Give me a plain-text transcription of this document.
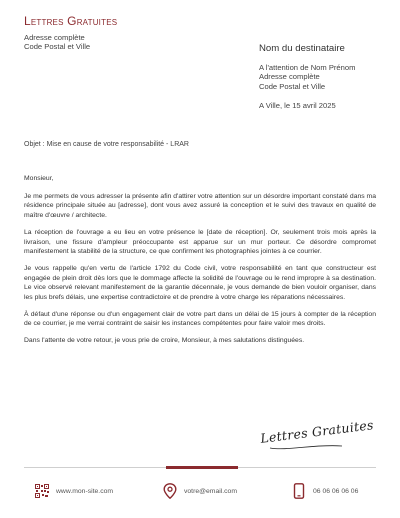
Lettres Gratuites
Adresse complète
Code Postal et Ville	Nom du destinataire
A l'attention de Nom Prénom
Adresse complète
Code Postal et Ville
A Ville, le 15 avril 2025
Objet : Mise en cause de votre responsabilité - LRAR

Monsieur,

Je me permets de vous adresser la présente afin d'attirer votre attention sur un désordre important constaté dans ma résidence principale située au [adresse], dont vous avez assuré la conception et le suivi des travaux en qualité de maître d'œuvre / architecte.

La réception de l'ouvrage a eu lieu en votre présence le [date de réception]. Or, seulement trois mois après la livraison, une fissure d'ampleur préoccupante est apparue sur un mur porteur. Ce désordre compromet manifestement la stabilité de la structure, ce que confirment les photographies jointes à ce courrier.

Je vous rappelle qu'en vertu de l'article 1792 du Code civil, votre responsabilité en tant que constructeur est engagée de plein droit dès lors que le dommage affecte la solidité de l'ouvrage ou le rend impropre à sa destination. Le vice observé relevant manifestement de la garantie décennale, je vous demande de bien vouloir organiser, dans les plus brefs délais, une expertise contradictoire et de prendre à votre charge les réparations nécessaires.

À défaut d'une réponse ou d'un engagement clair de votre part dans un délai de 15 jours à compter de la réception de ce courrier, je me verrai contraint de saisir les instances compétentes pour faire valoir mes droits.

Dans l'attente de votre retour, je vous prie de croire, Monsieur, à mes salutations distinguées.

Lettres Gratuites
www.mon-site.com	votre@email.com	06 06 06 06 06
